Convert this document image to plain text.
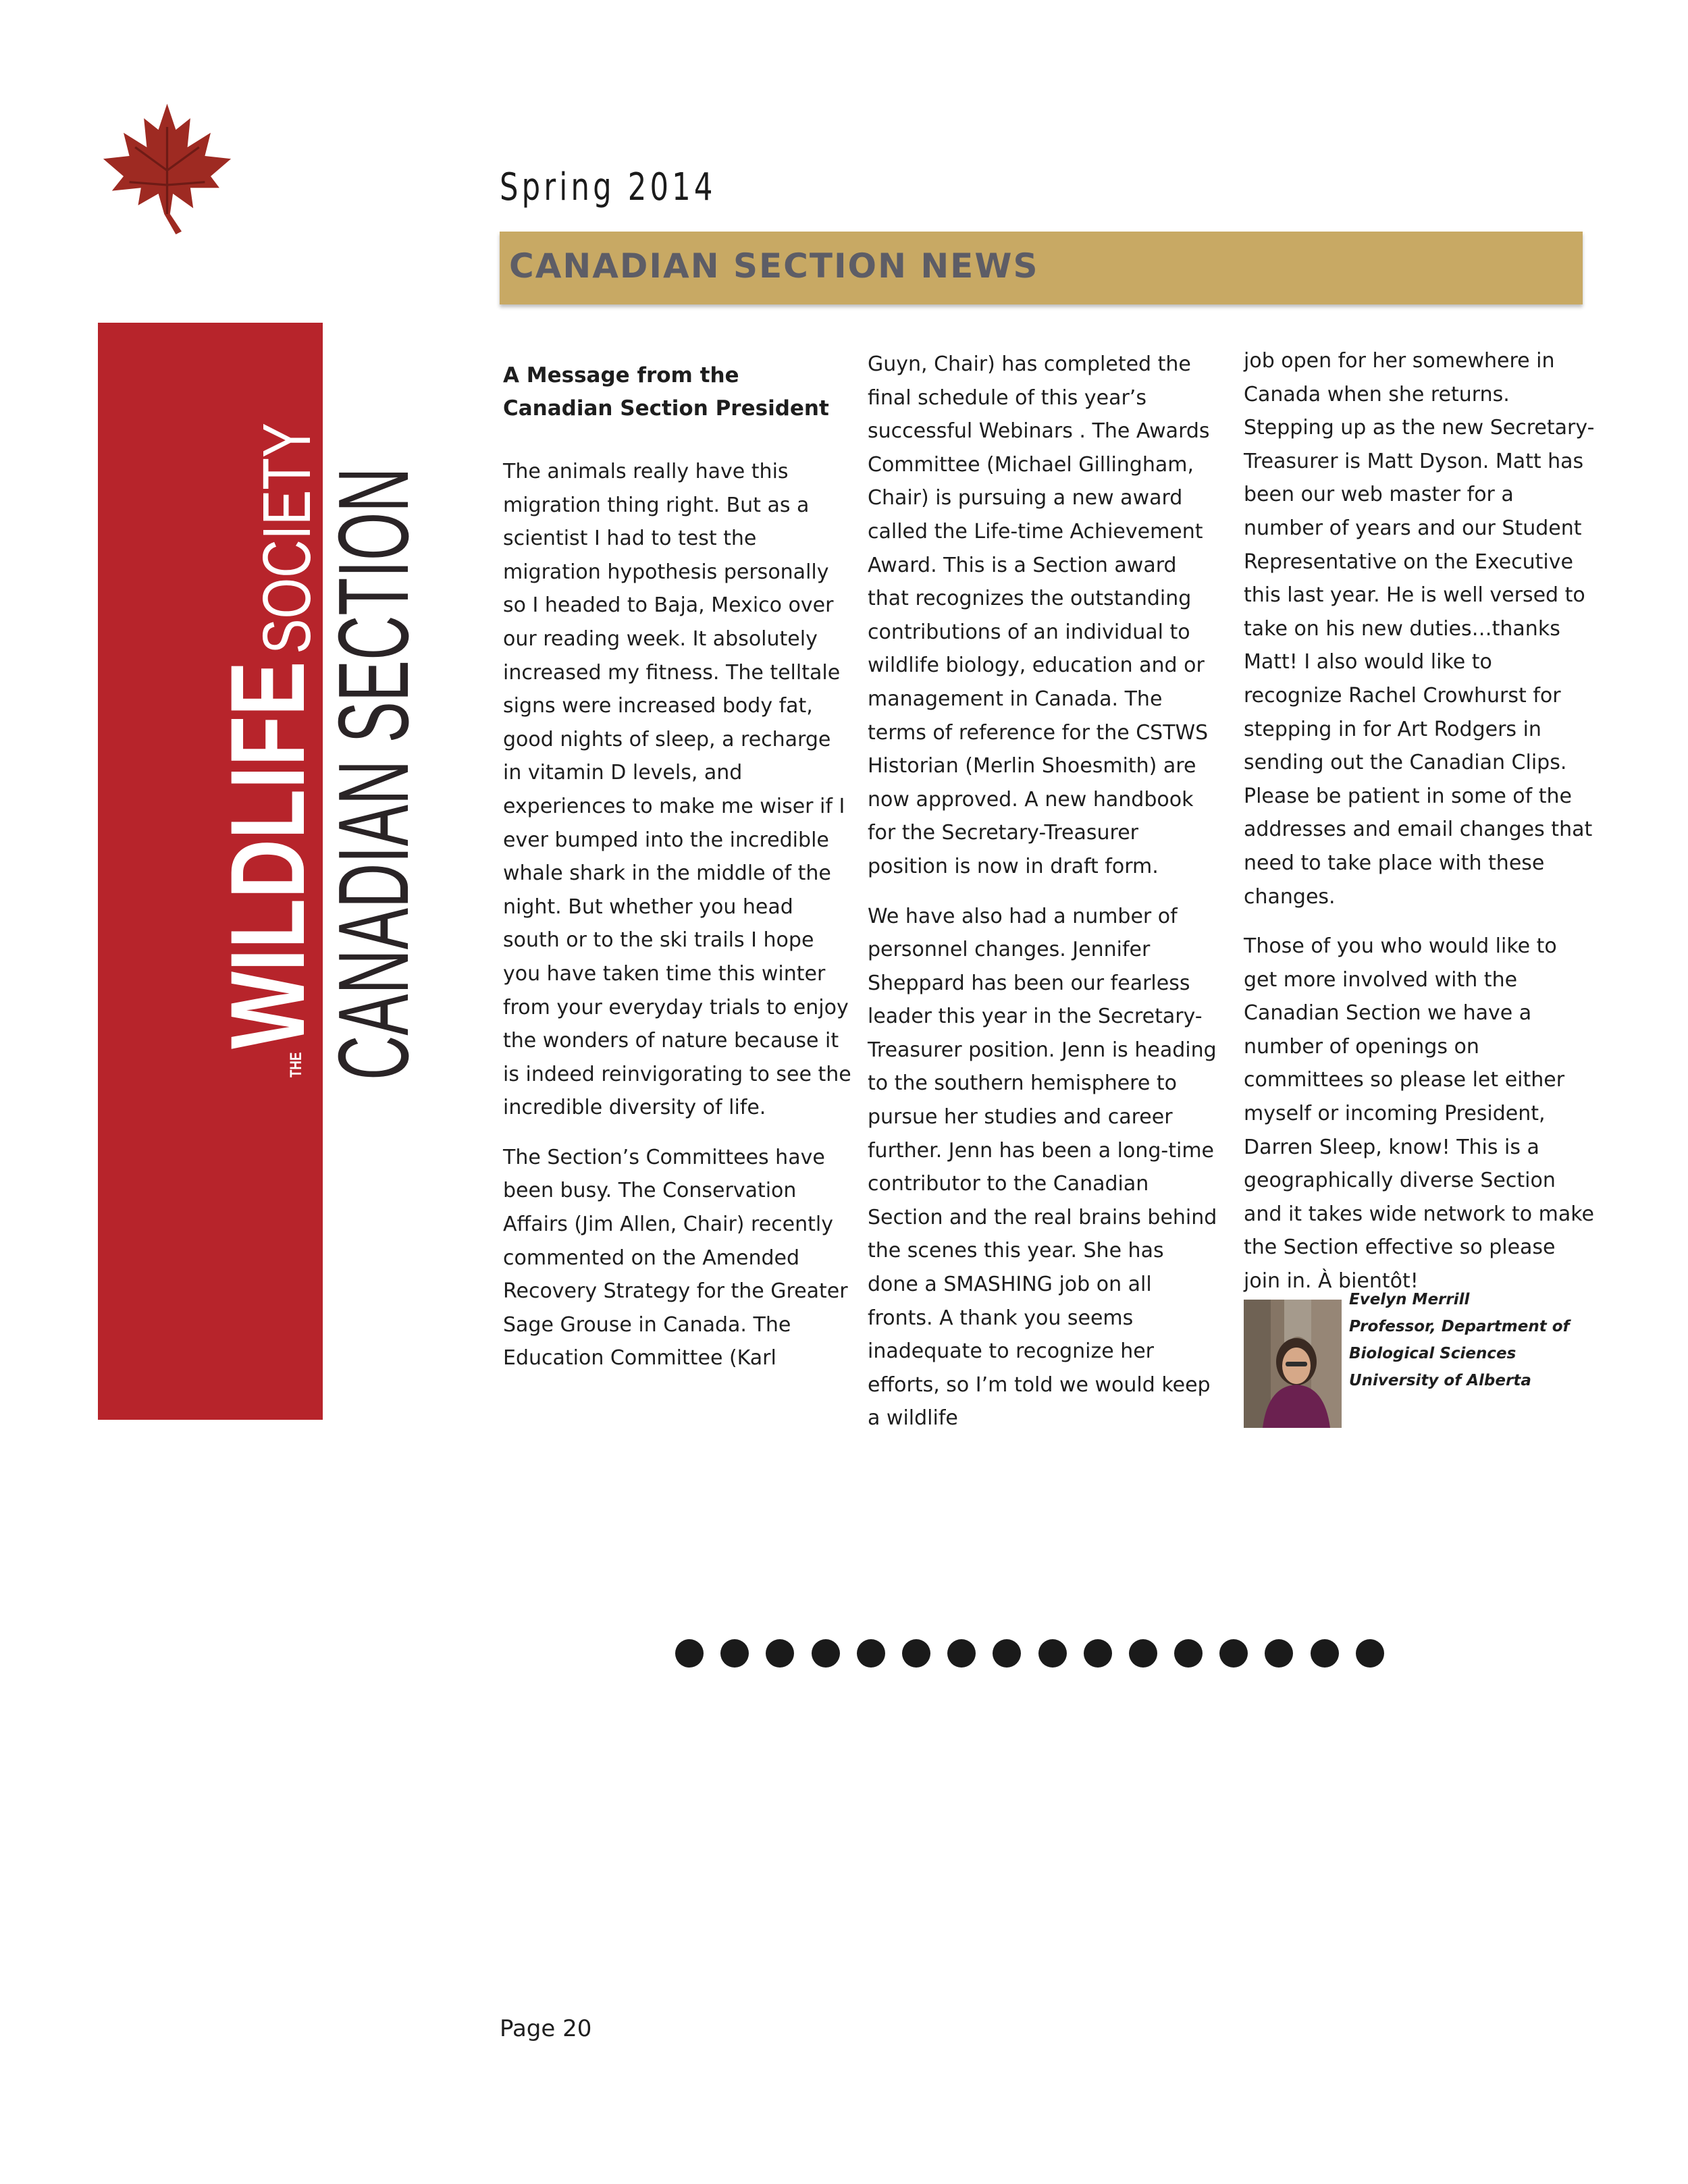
Spring 2014
CANADIAN SECTION NEWS
THE
WILDLIFE
SOCIETY
CANADIAN SECTION
A Message from the Canadian Section President

The animals really have this migration thing right. But as a scientist I had to test the migration hypothesis personally so I headed to Baja, Mexico over our reading week. It absolutely increased my fitness. The telltale signs were increased body fat, good nights of sleep, a recharge in vitamin D levels, and experiences to make me wiser if I ever bumped into the incredible whale shark in the middle of the night. But whether you head south or to the ski trails I hope you have taken time this winter from your everyday trials to enjoy the wonders of nature because it is indeed reinvigorating to see the incredible diversity of life.

The Section’s Committees have been busy. The Conservation Affairs (Jim Allen, Chair) recently commented on the Amended Recovery Strategy for the Greater Sage Grouse in Canada. The Education Committee (Karl

Guyn, Chair) has completed the final schedule of this year’s successful Webinars . The Awards Committee (Michael Gillingham, Chair) is pursuing a new award called the Life-time Achievement Award. This is a Section award that recognizes the outstanding contributions of an individual to wildlife biology, education and or management in Canada. The terms of reference for the CSTWS Historian (Merlin Shoesmith) are now approved. A new handbook for the Secretary-Treasurer position is now in draft form.

We have also had a number of personnel changes. Jennifer Sheppard has been our fearless leader this year in the Secretary-Treasurer position. Jenn is heading to the southern hemisphere to pursue her studies and career further. Jenn has been a long-time contributor to the Canadian Section and the real brains behind the scenes this year. She has done a SMASHING job on all fronts. A thank you seems inadequate to recognize her efforts, so I’m told we would keep a wildlife

job open for her somewhere in Canada when she returns. Stepping up as the new Secretary-Treasurer is Matt Dyson. Matt has been our web master for a number of years and our Student Representative on the Executive this last year. He is well versed to take on his new duties…thanks Matt! I also would like to recognize Rachel Crowhurst for stepping in for Art Rodgers in sending out the Canadian Clips. Please be patient in some of the addresses and email changes that need to take place with these changes.

Those of you who would like to get more involved with the Canadian Section we have a number of openings on committees so please let either myself or incoming President, Darren Sleep, know! This is a geographically diverse Section and it takes wide network to make the Section effective so please join in. À bientôt!

Evelyn Merrill
Professor, Department of Biological Sciences University of Alberta
Page 20
